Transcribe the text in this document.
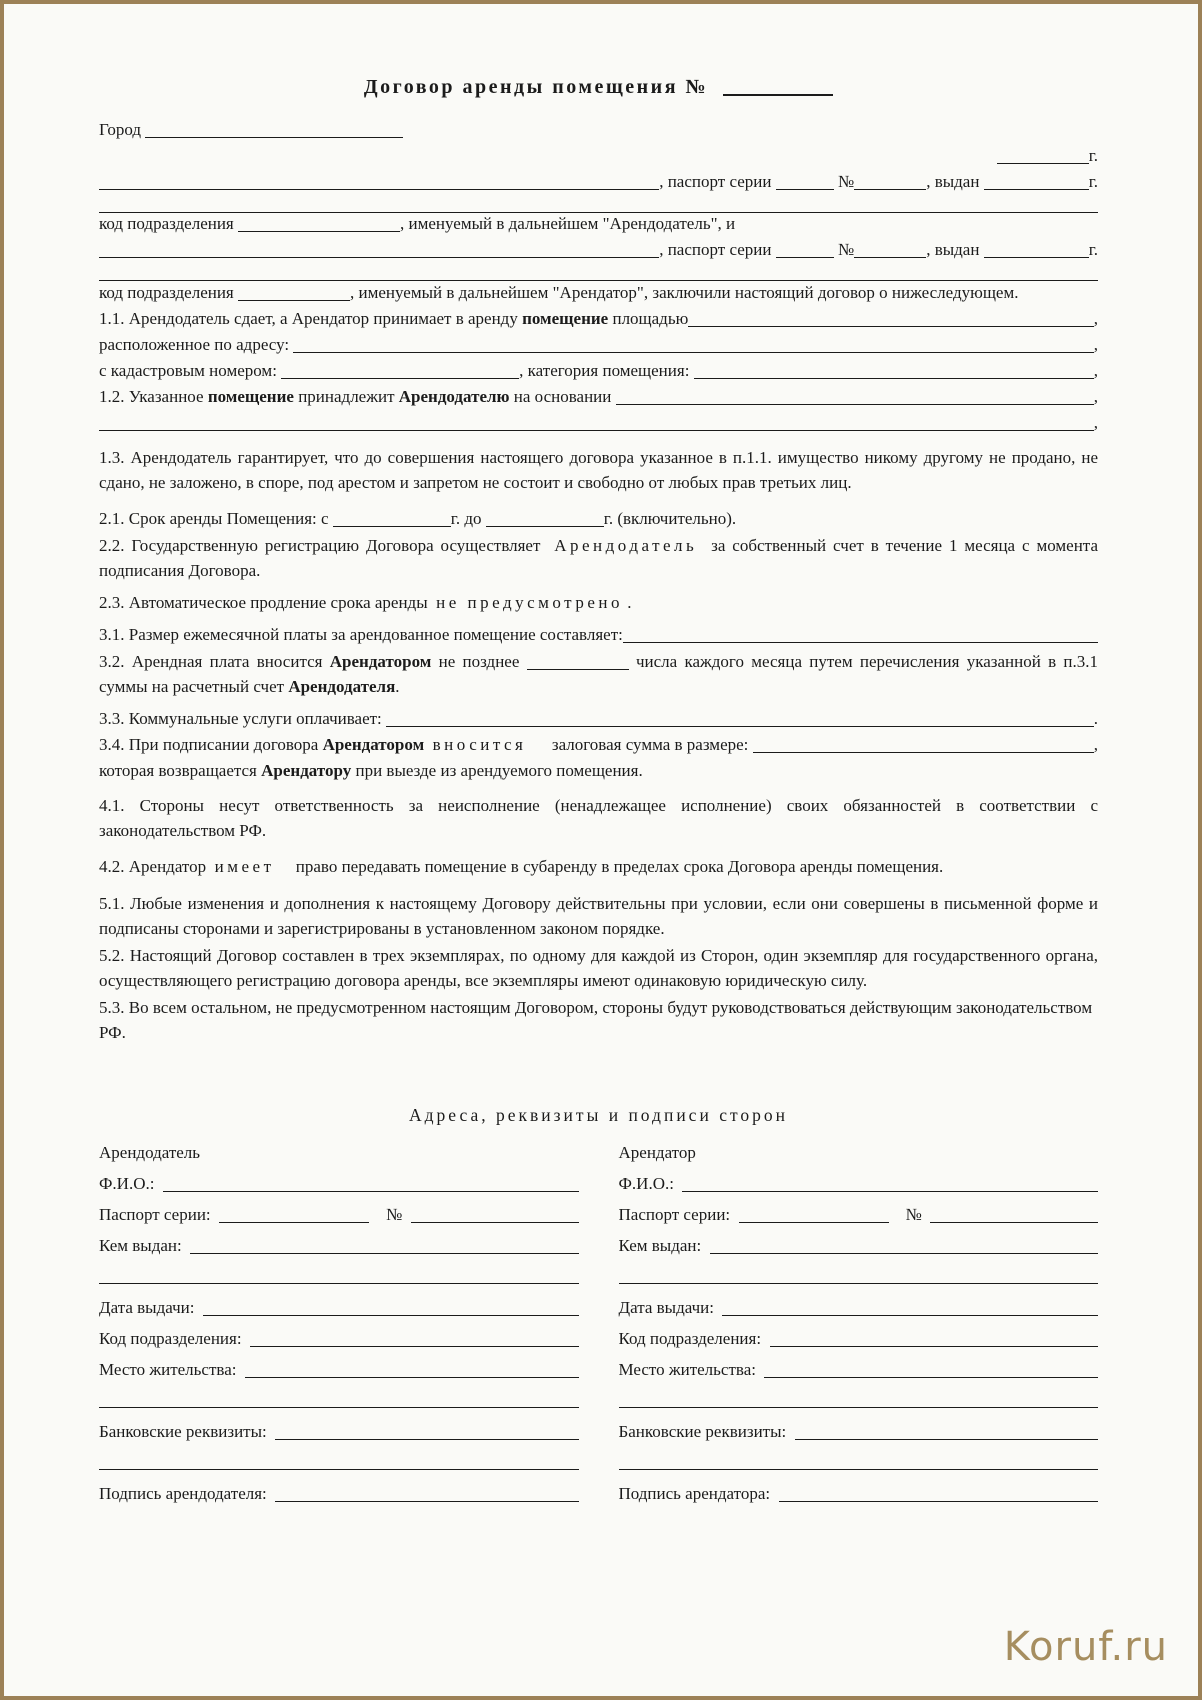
Договор аренды помещения №
Город
г.
, паспорт серии	№	, выдан	г.
код подразделения	, именуемый в дальнейшем "Арендодатель", и
, паспорт серии	№	, выдан	г.
код подразделения	, именуемый в дальнейшем "Арендатор", заключили настоящий договор о нижеследующем.
1.1. Арендодатель сдает, а Арендатор принимает в аренду помещение площадью	,
расположенное по адресу:	,
с кадастровым номером:	, категория помещения:	,
1.2. Указанное помещение принадлежит Арендодателю на основании	,
,
1.3. Арендодатель гарантирует, что до совершения настоящего договора указанное в п.1.1. имущество никому другому не продано, не сдано, не заложено, в споре, под арестом и запретом не состоит и свободно от любых прав третьих лиц.
2.1. Срок аренды Помещения: с	г. до	г. (включительно).
2.2. Государственную регистрацию Договора осуществляет  Арендодатель  за собственный счет в течение 1 месяца с момента подписания Договора.
2.3. Автоматическое продление срока аренды не предусмотрено .
3.1. Размер ежемесячной платы за арендованное помещение составляет:
3.2. Арендная плата вносится Арендатором не позднее	числа каждого месяца путем перечисления указанной в п.3.1 суммы на расчетный счет Арендодателя.
3.3. Коммунальные услуги оплачивает:	.
3.4. При подписании договора Арендатором
вносится залоговая сумма в размере:	,
которая возвращается Арендатору при выезде из арендуемого помещения.
4.1. Стороны несут ответственность за неисполнение (ненадлежащее исполнение) своих обязанностей в соответствии с законодательством РФ.
4.2. Арендатор имеет право передавать помещение в субаренду в пределах срока Договора аренды помещения.
5.1. Любые изменения и дополнения к настоящему Договору действительны при условии, если они совершены в письменной форме и подписаны сторонами и зарегистрированы в установленном законом порядке.
5.2. Настоящий Договор составлен в трех экземплярах, по одному для каждой из Сторон, один экземпляр для государственного органа, осуществляющего регистрацию договора аренды, все экземпляры имеют одинаковую юридическую силу.
5.3. Во всем остальном, не предусмотренном настоящим Договором, стороны будут руководствоваться действующим законодательством РФ.
Адреса, реквизиты и подписи сторон
Арендодатель
Ф.И.О.:
Паспорт серии:	№
Кем выдан:
Дата выдачи:
Код подразделения:
Место жительства:
Банковские реквизиты:
Подпись арендодателя:
Арендатор
Ф.И.О.:
Паспорт серии:	№
Кем выдан:
Дата выдачи:
Код подразделения:
Место жительства:
Банковские реквизиты:
Подпись арендатора:
Koruf.ru
